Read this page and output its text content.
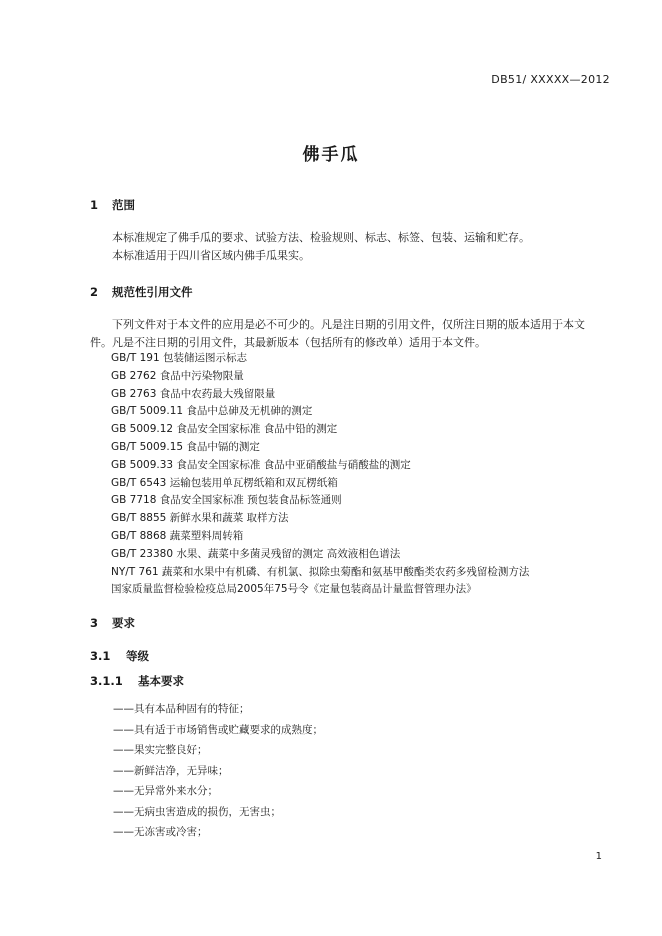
DB51/ XXXXX—2012
佛手瓜
1 范围
本标准规定了佛手瓜的要求、试验方法、检验规则、标志、标签、包装、运输和贮存。
本标准适用于四川省区域内佛手瓜果实。
2 规范性引用文件
下列文件对于本文件的应用是必不可少的。凡是注日期的引用文件，仅所注日期的版本适用于本文
件。凡是不注日期的引用文件，其最新版本（包括所有的修改单）适用于本文件。
GB/T 191 包装储运图示标志
GB 2762 食品中污染物限量
GB 2763 食品中农药最大残留限量
GB/T 5009.11 食品中总砷及无机砷的测定
GB 5009.12 食品安全国家标准 食品中铅的测定
GB/T 5009.15 食品中镉的测定
GB 5009.33 食品安全国家标准 食品中亚硝酸盐与硝酸盐的测定
GB/T 6543 运输包装用单瓦楞纸箱和双瓦楞纸箱
GB 7718 食品安全国家标准 预包装食品标签通则
GB/T 8855 新鲜水果和蔬菜 取样方法
GB/T 8868 蔬菜塑料周转箱
GB/T 23380 水果、蔬菜中多菌灵残留的测定 高效液相色谱法
NY/T 761 蔬菜和水果中有机磷、有机氯、拟除虫菊酯和氨基甲酸酯类农药多残留检测方法
国家质量监督检验检疫总局2005年75号令《定量包装商品计量监督管理办法》
3 要求
3.1 等级
3.1.1 基本要求
——具有本品种固有的特征；
——具有适于市场销售或贮藏要求的成熟度；
——果实完整良好；
——新鲜洁净，无异味；
——无异常外来水分；
——无病虫害造成的损伤，无害虫；
——无冻害或冷害；
1
